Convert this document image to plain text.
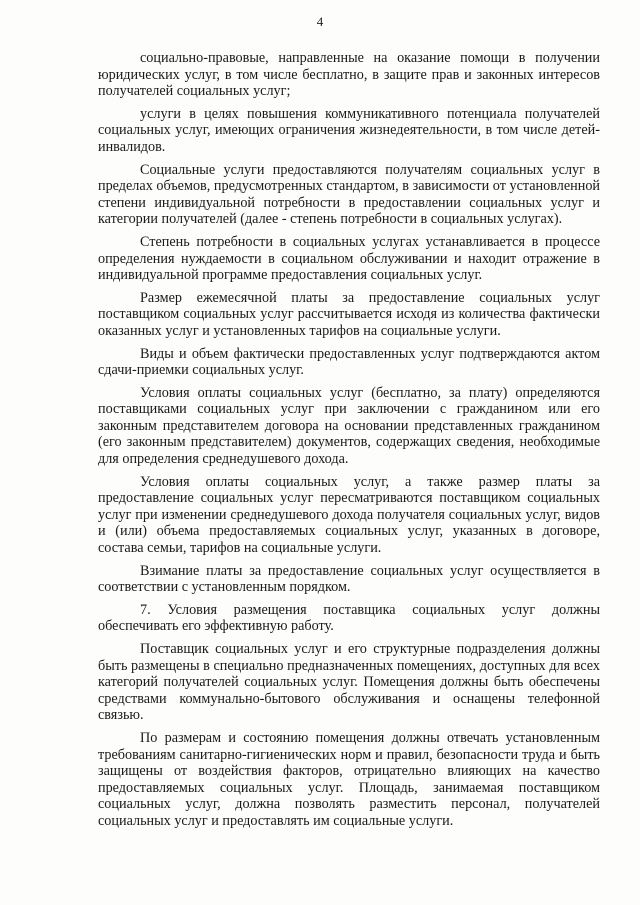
4

социально-правовые, направленные на оказание помощи в получении юридических услуг, в том числе бесплатно, в защите прав и законных интересов получателей социальных услуг;

услуги в целях повышения коммуникативного потенциала получателей социальных услуг, имеющих ограничения жизнедеятельности, в том числе детей-инвалидов.

Социальные услуги предоставляются получателям социальных услуг в пределах объемов, предусмотренных стандартом, в зависимости от установленной степени индивидуальной потребности в предоставлении социальных услуг и категории получателей (далее - степень потребности в социальных услугах).

Степень потребности в социальных услугах устанавливается в процессе определения нуждаемости в социальном обслуживании и находит отражение в индивидуальной программе предоставления социальных услуг.

Размер ежемесячной платы за предоставление социальных услуг поставщиком социальных услуг рассчитывается исходя из количества фактически оказанных услуг и установленных тарифов на социальные услуги.

Виды и объем фактически предоставленных услуг подтверждаются актом сдачи-приемки социальных услуг.

Условия оплаты социальных услуг (бесплатно, за плату) определяются поставщиками социальных услуг при заключении с гражданином или его законным представителем договора на основании представленных гражданином (его законным представителем) документов, содержащих сведения, необходимые для определения среднедушевого дохода.

Условия оплаты социальных услуг, а также размер платы за предоставление социальных услуг пересматриваются поставщиком социальных услуг при изменении среднедушевого дохода получателя социальных услуг, видов и (или) объема предоставляемых социальных услуг, указанных в договоре, состава семьи, тарифов на социальные услуги.

Взимание платы за предоставление социальных услуг осуществляется в соответствии с установленным порядком.

7. Условия размещения поставщика социальных услуг должны обеспечивать его эффективную работу.

Поставщик социальных услуг и его структурные подразделения должны быть размещены в специально предназначенных помещениях, доступных для всех категорий получателей социальных услуг. Помещения должны быть обеспечены средствами коммунально-бытового обслуживания и оснащены телефонной связью.

По размерам и состоянию помещения должны отвечать установленным требованиям санитарно-гигиенических норм и правил, безопасности труда и быть защищены от воздействия факторов, отрицательно влияющих на качество предоставляемых социальных услуг. Площадь, занимаемая поставщиком социальных услуг, должна позволять разместить персонал, получателей социальных услуг и предоставлять им социальные услуги.
